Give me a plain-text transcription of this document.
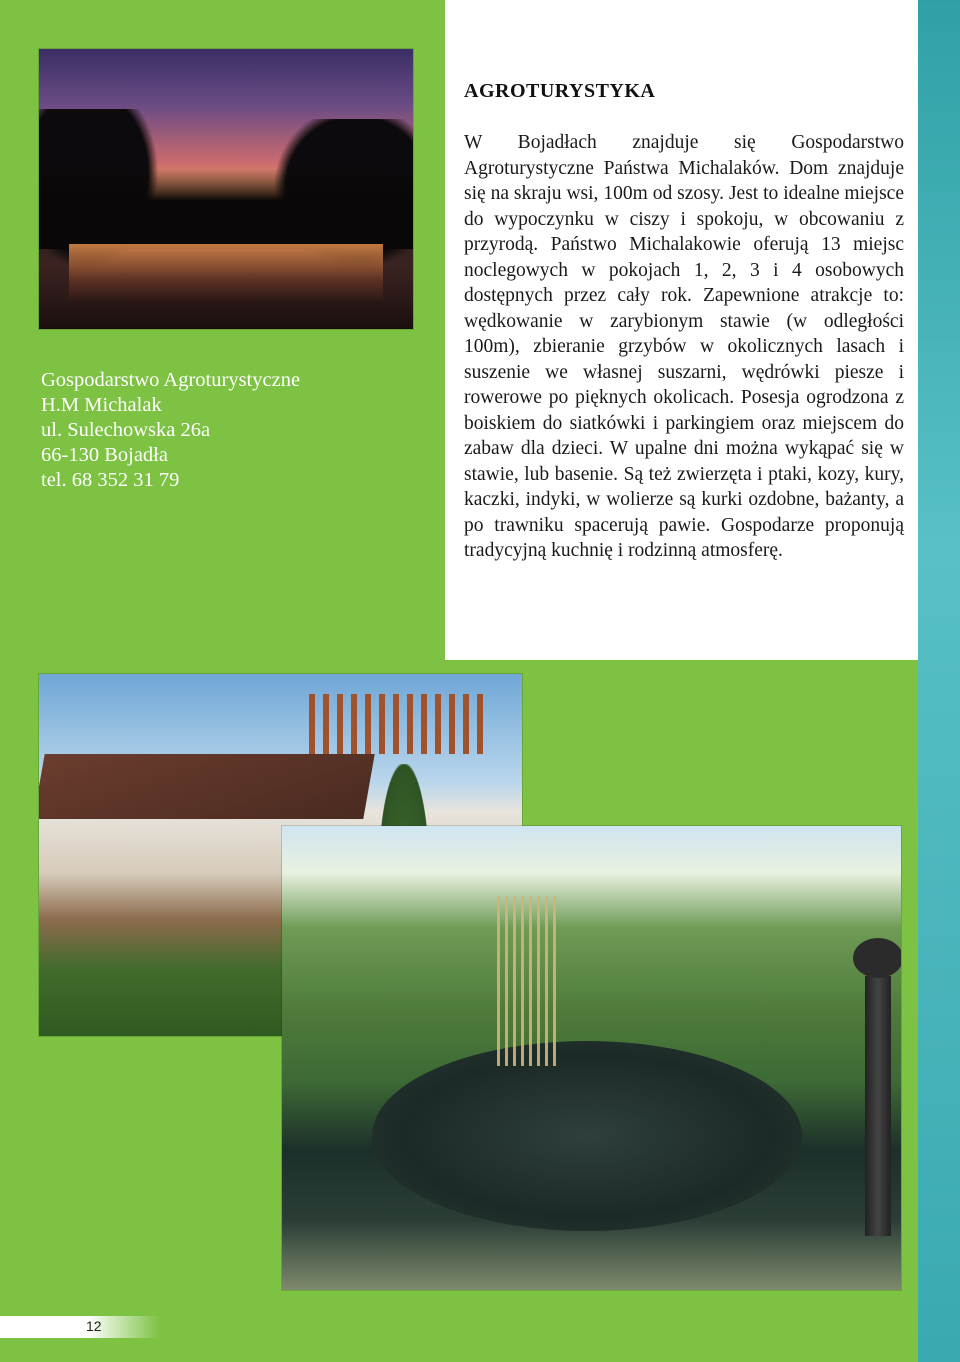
Gospodarstwo Agroturystyczne
H.M Michalak
ul. Sulechowska 26a
66-130 Bojadła
tel. 68 352 31 79
AGROTURYSTYKA
W Bojadłach znajduje się Gospodarstwo Agroturystyczne Państwa Michalaków. Dom znajduje się na skraju wsi, 100m od szosy. Jest to idealne miejsce do wypoczynku w ciszy i spokoju, w obcowaniu z przyrodą. Państwo Michalakowie oferują 13 miejsc noclegowych w pokojach 1, 2, 3 i 4 osobowych dostępnych przez cały rok. Zapewnione atrakcje to: wędkowanie w zarybionym stawie (w odległości 100m), zbieranie grzybów w okolicznych lasach i suszenie we własnej suszarni, wędrówki piesze i rowerowe po pięknych okolicach. Posesja ogrodzona z boiskiem do siatkówki i parkingiem oraz miejscem do zabaw dla dzieci. W upalne dni można wykąpać się w stawie, lub basenie. Są też zwierzęta i ptaki, kozy, kury, kaczki, indyki, w wolierze są kurki ozdobne, bażanty, a po trawniku spacerują pawie. Gospodarze proponują tradycyjną kuchnię i rodzinną atmosferę.
12
